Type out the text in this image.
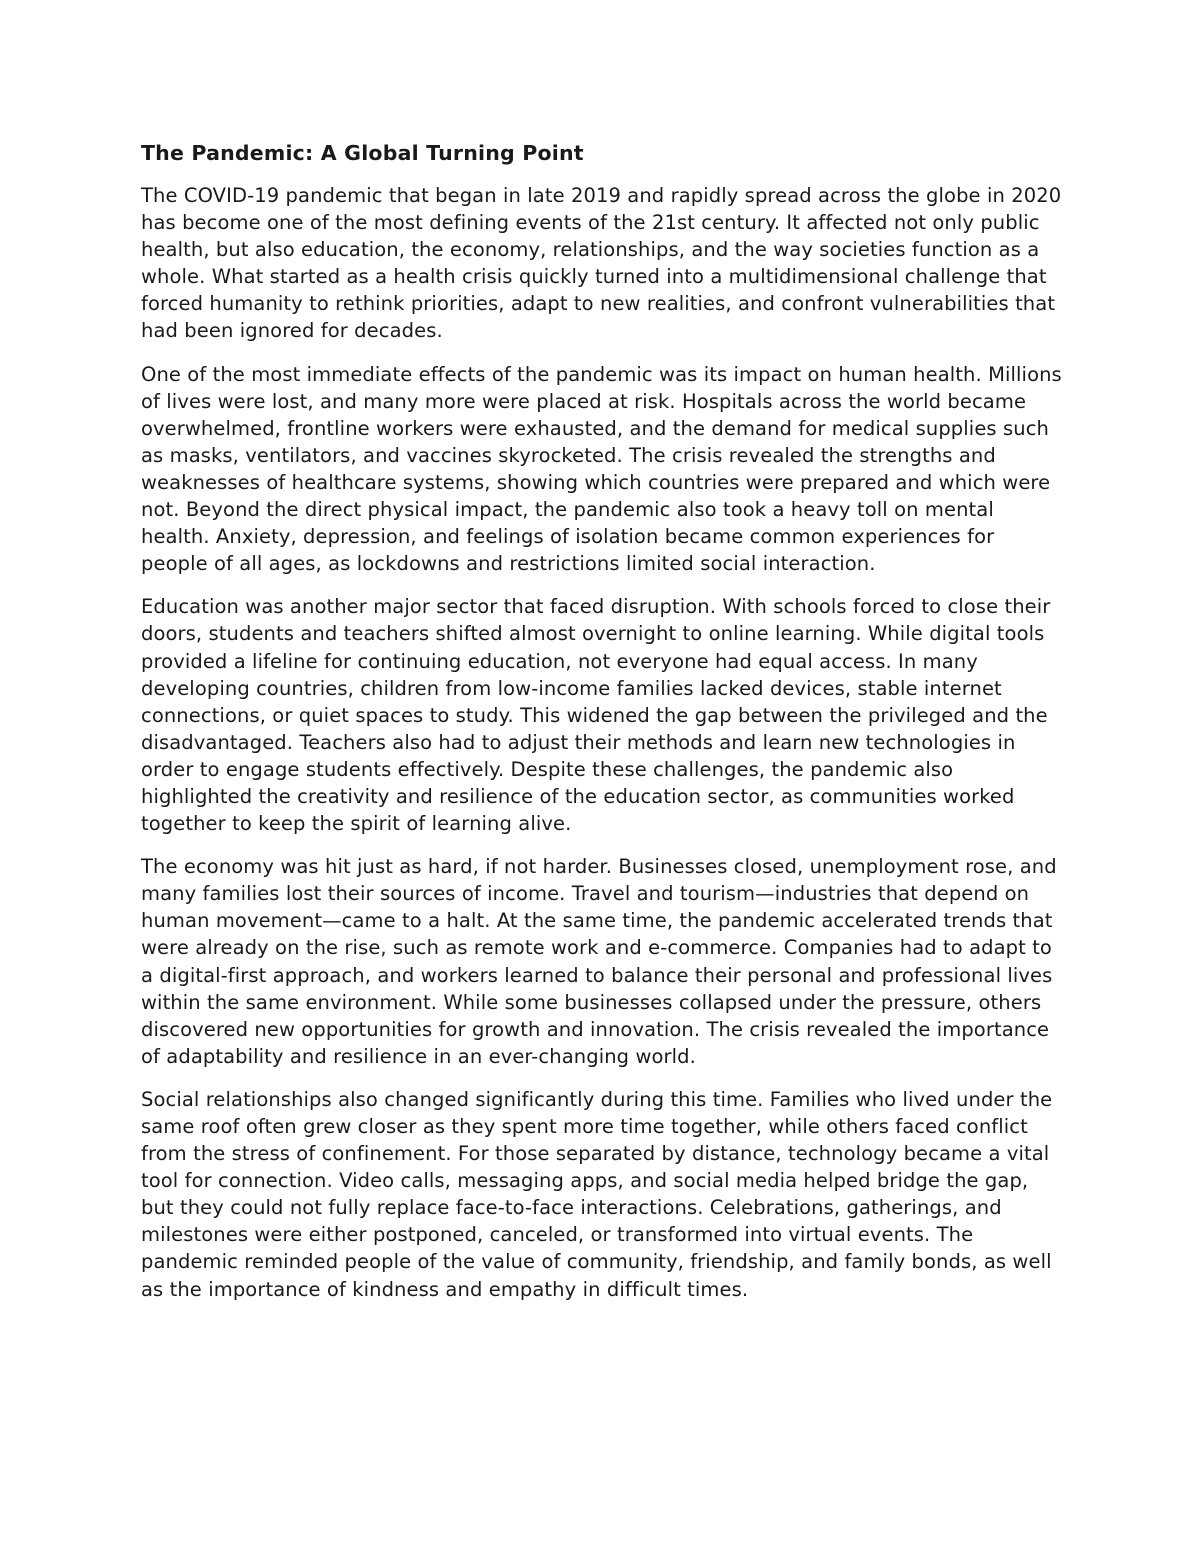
The Pandemic: A Global Turning Point

The COVID-19 pandemic that began in late 2019 and rapidly spread across the globe in 2020 has become one of the most defining events of the 21st century. It affected not only public health, but also education, the economy, relationships, and the way societies function as a whole. What started as a health crisis quickly turned into a multidimensional challenge that forced humanity to rethink priorities, adapt to new realities, and confront vulnerabilities that had been ignored for decades.

One of the most immediate effects of the pandemic was its impact on human health. Millions of lives were lost, and many more were placed at risk. Hospitals across the world became overwhelmed, frontline workers were exhausted, and the demand for medical supplies such as masks, ventilators, and vaccines skyrocketed. The crisis revealed the strengths and weaknesses of healthcare systems, showing which countries were prepared and which were not. Beyond the direct physical impact, the pandemic also took a heavy toll on mental health. Anxiety, depression, and feelings of isolation became common experiences for people of all ages, as lockdowns and restrictions limited social interaction.

Education was another major sector that faced disruption. With schools forced to close their doors, students and teachers shifted almost overnight to online learning. While digital tools provided a lifeline for continuing education, not everyone had equal access. In many developing countries, children from low-income families lacked devices, stable internet connections, or quiet spaces to study. This widened the gap between the privileged and the disadvantaged. Teachers also had to adjust their methods and learn new technologies in order to engage students effectively. Despite these challenges, the pandemic also highlighted the creativity and resilience of the education sector, as communities worked together to keep the spirit of learning alive.

The economy was hit just as hard, if not harder. Businesses closed, unemployment rose, and many families lost their sources of income. Travel and tourism—industries that depend on human movement—came to a halt. At the same time, the pandemic accelerated trends that were already on the rise, such as remote work and e-commerce. Companies had to adapt to a digital-first approach, and workers learned to balance their personal and professional lives within the same environment. While some businesses collapsed under the pressure, others discovered new opportunities for growth and innovation. The crisis revealed the importance of adaptability and resilience in an ever-changing world.

Social relationships also changed significantly during this time. Families who lived under the same roof often grew closer as they spent more time together, while others faced conflict from the stress of confinement. For those separated by distance, technology became a vital tool for connection. Video calls, messaging apps, and social media helped bridge the gap, but they could not fully replace face-to-face interactions. Celebrations, gatherings, and milestones were either postponed, canceled, or transformed into virtual events. The pandemic reminded people of the value of community, friendship, and family bonds, as well as the importance of kindness and empathy in difficult times.
